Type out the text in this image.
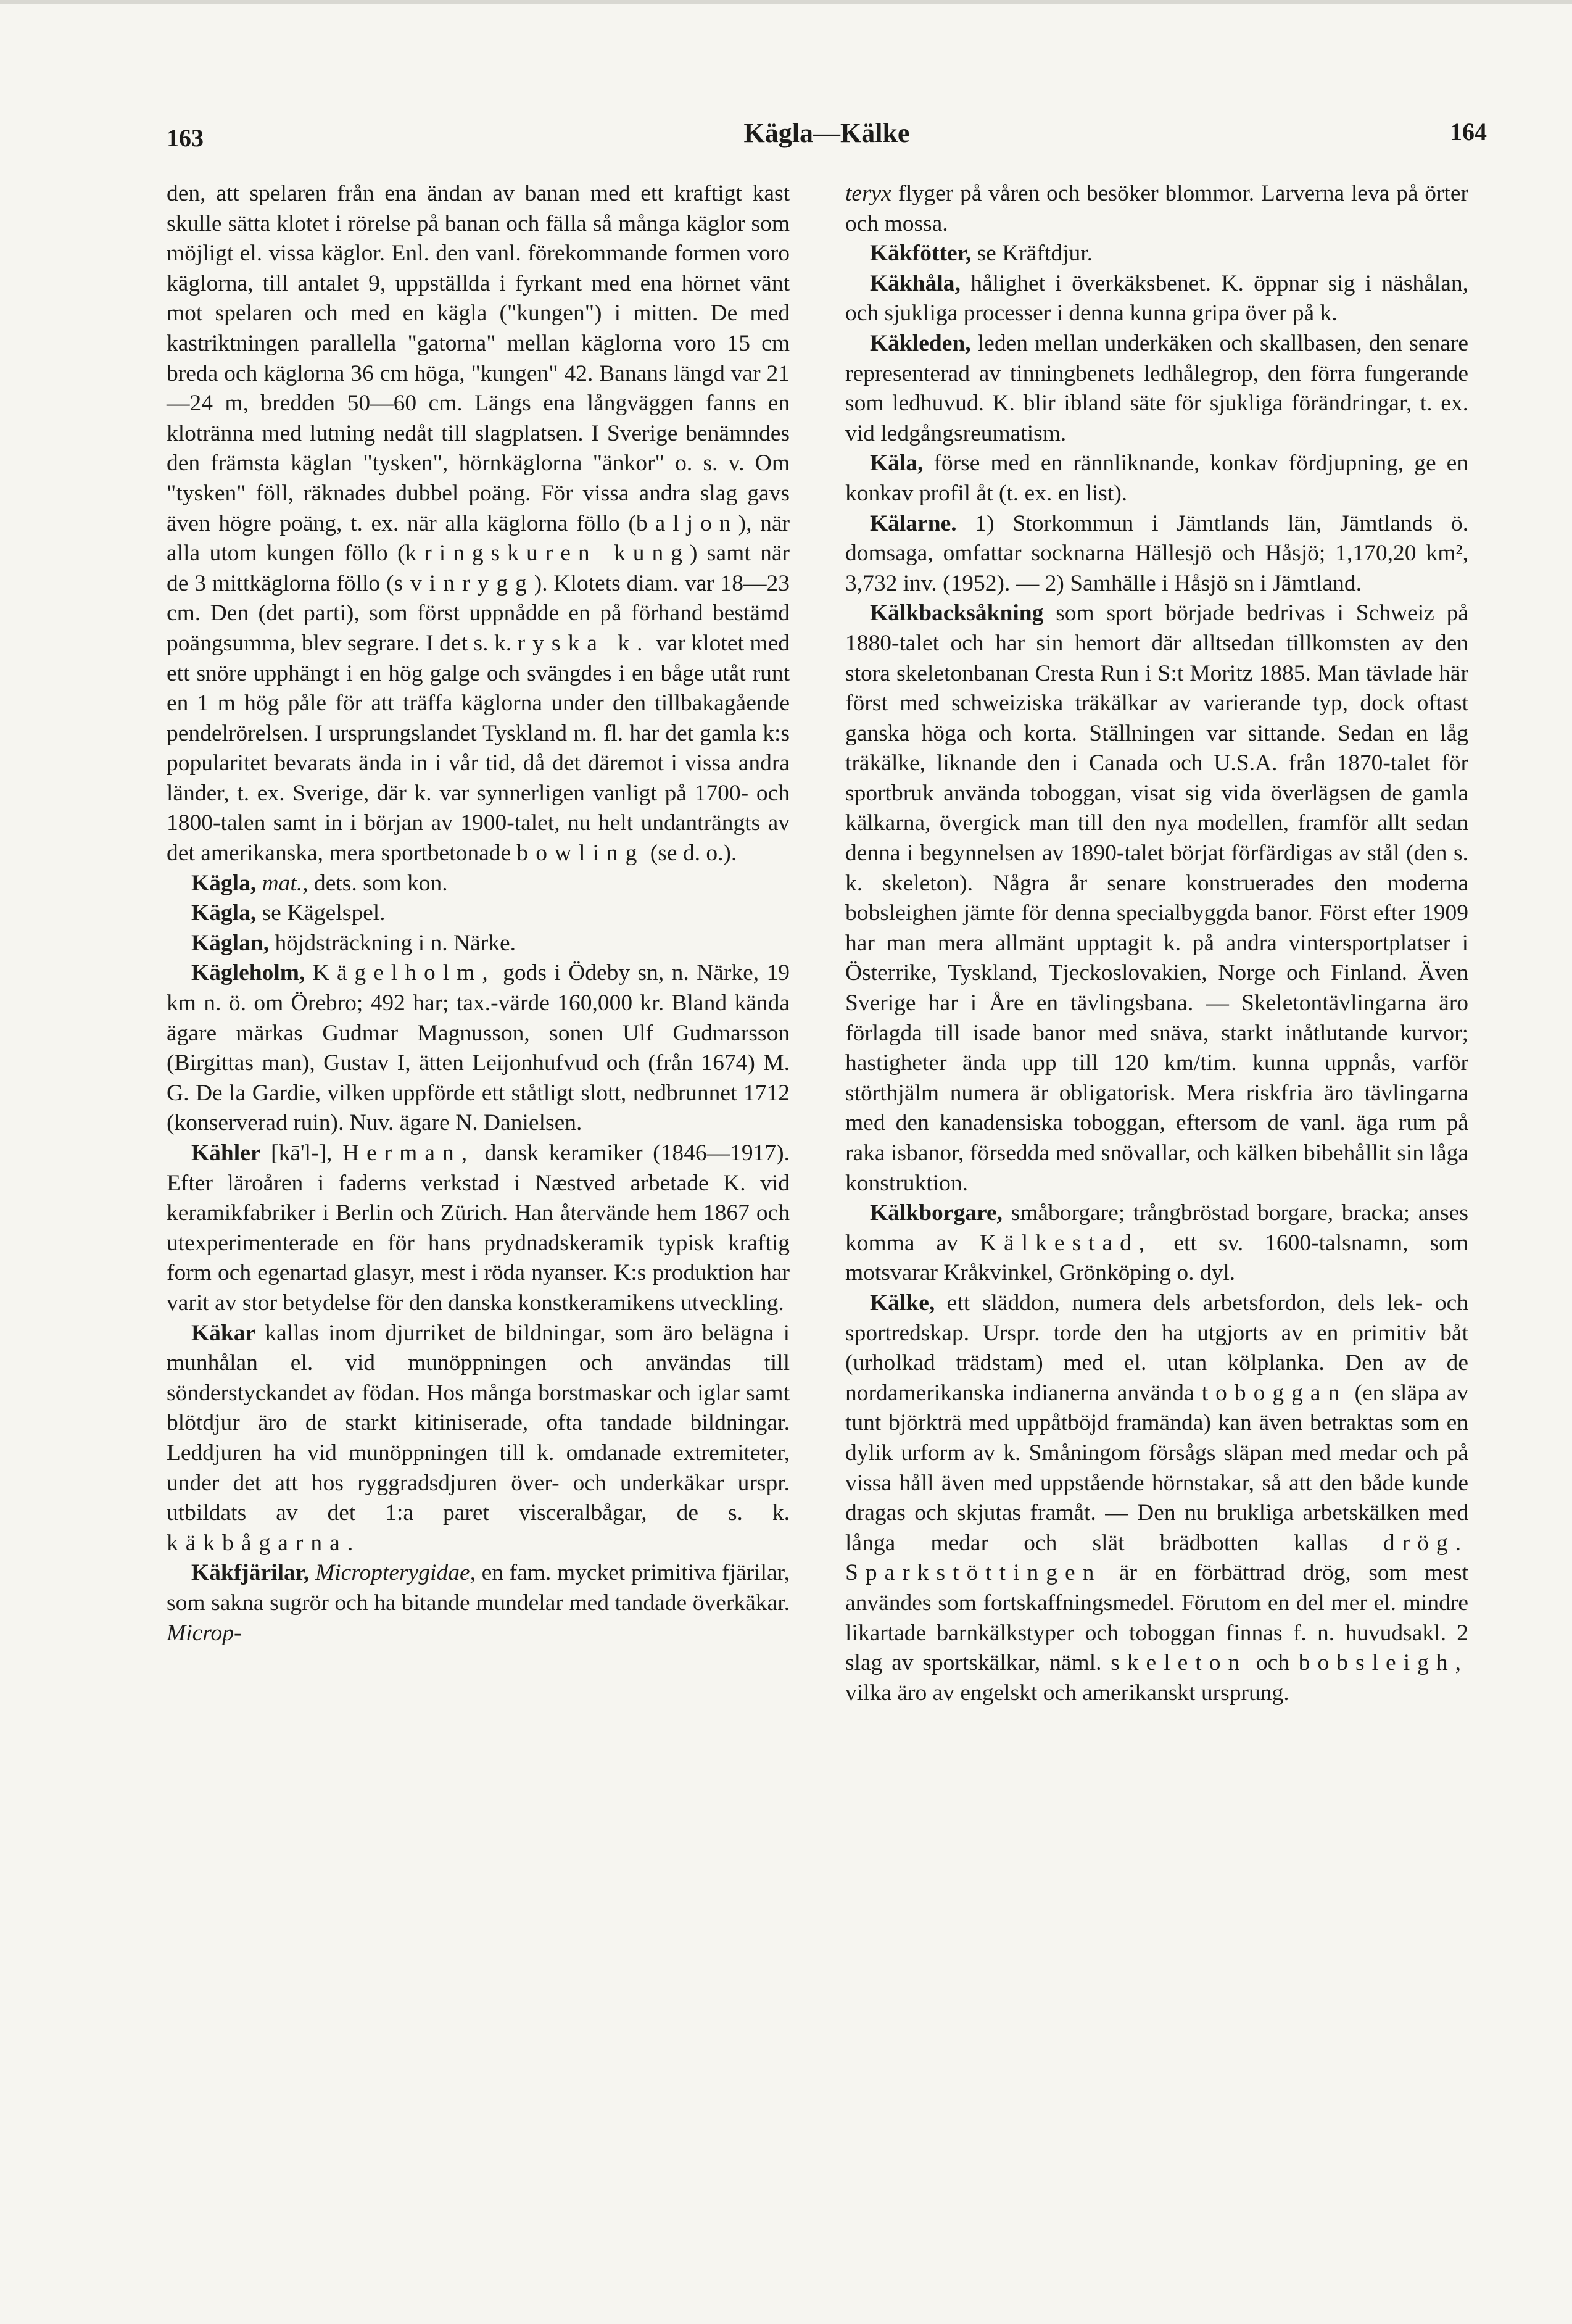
163	Kägla—Kälke	164

den, att spelaren från ena ändan av banan med ett kraftigt kast skulle sätta klotet i rörelse på banan och fälla så många käglor som möjligt el. vissa käglor. Enl. den vanl. förekommande formen voro käglorna, till antalet 9, uppställda i fyrkant med ena hörnet vänt mot spelaren och med en kägla ("kungen") i mitten. De med kastriktningen parallella "gatorna" mellan käglorna voro 15 cm breda och käglorna 36 cm höga, "kungen" 42. Banans längd var 21—24 m, bredden 50—60 cm. Längs ena långväggen fanns en klotränna med lutning nedåt till slagplatsen. I Sverige benämndes den främsta käglan "tysken", hörnkäglorna "änkor" o. s. v. Om "tysken" föll, räknades dubbel poäng. För vissa andra slag gavs även högre poäng, t. ex. när alla käglorna föllo (baljon), när alla utom kungen föllo (kringskuren kung) samt när de 3 mittkäglorna föllo (svinrygg). Klotets diam. var 18—23 cm. Den (det parti), som först uppnådde en på förhand bestämd poängsumma, blev segrare. I det s. k. ryska k. var klotet med ett snöre upphängt i en hög galge och svängdes i en båge utåt runt en 1 m hög påle för att träffa käglorna under den tillbakagående pendelrörelsen. I ursprungslandet Tyskland m. fl. har det gamla k:s popularitet bevarats ända in i vår tid, då det däremot i vissa andra länder, t. ex. Sverige, där k. var synnerligen vanligt på 1700- och 1800-talen samt in i början av 1900-talet, nu helt undanträngts av det amerikanska, mera sportbetonade bowling (se d. o.).

Kägla, mat., dets. som kon.

Kägla, se Kägelspel.

Käglan, höjdsträckning i n. Närke.

Kägleholm, Kägelholm, gods i Ödeby sn, n. Närke, 19 km n. ö. om Örebro; 492 har; tax.-värde 160,000 kr. Bland kända ägare märkas Gudmar Magnusson, sonen Ulf Gudmarsson (Birgittas man), Gustav I, ätten Leijonhufvud och (från 1674) M. G. De la Gardie, vilken uppförde ett ståtligt slott, nedbrunnet 1712 (konserverad ruin). Nuv. ägare N. Danielsen.

Kähler [kā'l-], Herman, dansk keramiker (1846—1917). Efter läroåren i faderns verkstad i Næstved arbetade K. vid keramikfabriker i Berlin och Zürich. Han återvände hem 1867 och utexperimenterade en för hans prydnadskeramik typisk kraftig form och egenartad glasyr, mest i röda nyanser. K:s produktion har varit av stor betydelse för den danska konstkeramikens utveckling.

Käkar kallas inom djurriket de bildningar, som äro belägna i munhålan el. vid munöppningen och användas till sönderstyckandet av födan. Hos många borstmaskar och iglar samt blötdjur äro de starkt kitiniserade, ofta tandade bildningar. Leddjuren ha vid munöppningen till k. omdanade extremiteter, under det att hos ryggradsdjuren över- och underkäkar urspr. utbildats av det 1:a paret visceralbågar, de s. k. käkbågarna.

Käkfjärilar, Micropterygidae, en fam. mycket primitiva fjärilar, som sakna sugrör och ha bitande mundelar med tandade överkäkar. Microp-

teryx flyger på våren och besöker blommor. Larverna leva på örter och mossa.

Käkfötter, se Kräftdjur.

Käkhåla, hålighet i överkäksbenet. K. öppnar sig i näshålan, och sjukliga processer i denna kunna gripa över på k.

Käkleden, leden mellan underkäken och skallbasen, den senare representerad av tinningbenets ledhålegrop, den förra fungerande som ledhuvud. K. blir ibland säte för sjukliga förändringar, t. ex. vid ledgångsreumatism.

Käla, förse med en rännliknande, konkav fördjupning, ge en konkav profil åt (t. ex. en list).

Kälarne. 1) Storkommun i Jämtlands län, Jämtlands ö. domsaga, omfattar socknarna Hällesjö och Håsjö; 1,170,20 km², 3,732 inv. (1952). — 2) Samhälle i Håsjö sn i Jämtland.

Kälkbacksåkning som sport började bedrivas i Schweiz på 1880-talet och har sin hemort där alltsedan tillkomsten av den stora skeletonbanan Cresta Run i S:t Moritz 1885. Man tävlade här först med schweiziska träkälkar av varierande typ, dock oftast ganska höga och korta. Ställningen var sittande. Sedan en låg träkälke, liknande den i Canada och U.S.A. från 1870-talet för sportbruk använda toboggan, visat sig vida överlägsen de gamla kälkarna, övergick man till den nya modellen, framför allt sedan denna i begynnelsen av 1890-talet börjat förfärdigas av stål (den s. k. skeleton). Några år senare konstruerades den moderna bobsleighen jämte för denna specialbyggda banor. Först efter 1909 har man mera allmänt upptagit k. på andra vintersportplatser i Österrike, Tyskland, Tjeckoslovakien, Norge och Finland. Även Sverige har i Åre en tävlingsbana. — Skeletontävlingarna äro förlagda till isade banor med snäva, starkt inåtlutande kurvor; hastigheter ända upp till 120 km/tim. kunna uppnås, varför störthjälm numera är obligatorisk. Mera riskfria äro tävlingarna med den kanadensiska toboggan, eftersom de vanl. äga rum på raka isbanor, försedda med snövallar, och kälken bibehållit sin låga konstruktion.

Kälkborgare, småborgare; trångbröstad borgare, bracka; anses komma av Kälkestad, ett sv. 1600-talsnamn, som motsvarar Kråkvinkel, Grönköping o. dyl.

Kälke, ett släddon, numera dels arbetsfordon, dels lek- och sportredskap. Urspr. torde den ha utgjorts av en primitiv båt (urholkad trädstam) med el. utan kölplanka. Den av de nordamerikanska indianerna använda toboggan (en släpa av tunt björkträ med uppåtböjd framända) kan även betraktas som en dylik urform av k. Småningom försågs släpan med medar och på vissa håll även med uppstående hörnstakar, så att den både kunde dragas och skjutas framåt. — Den nu brukliga arbetskälken med långa medar och slät brädbotten kallas drög. Sparkstöttingen är en förbättrad drög, som mest användes som fortskaffningsmedel. Förutom en del mer el. mindre likartade barnkälkstyper och toboggan finnas f. n. huvudsakl. 2 slag av sportskälkar, näml. skeleton och bobsleigh, vilka äro av engelskt och amerikanskt ursprung.
